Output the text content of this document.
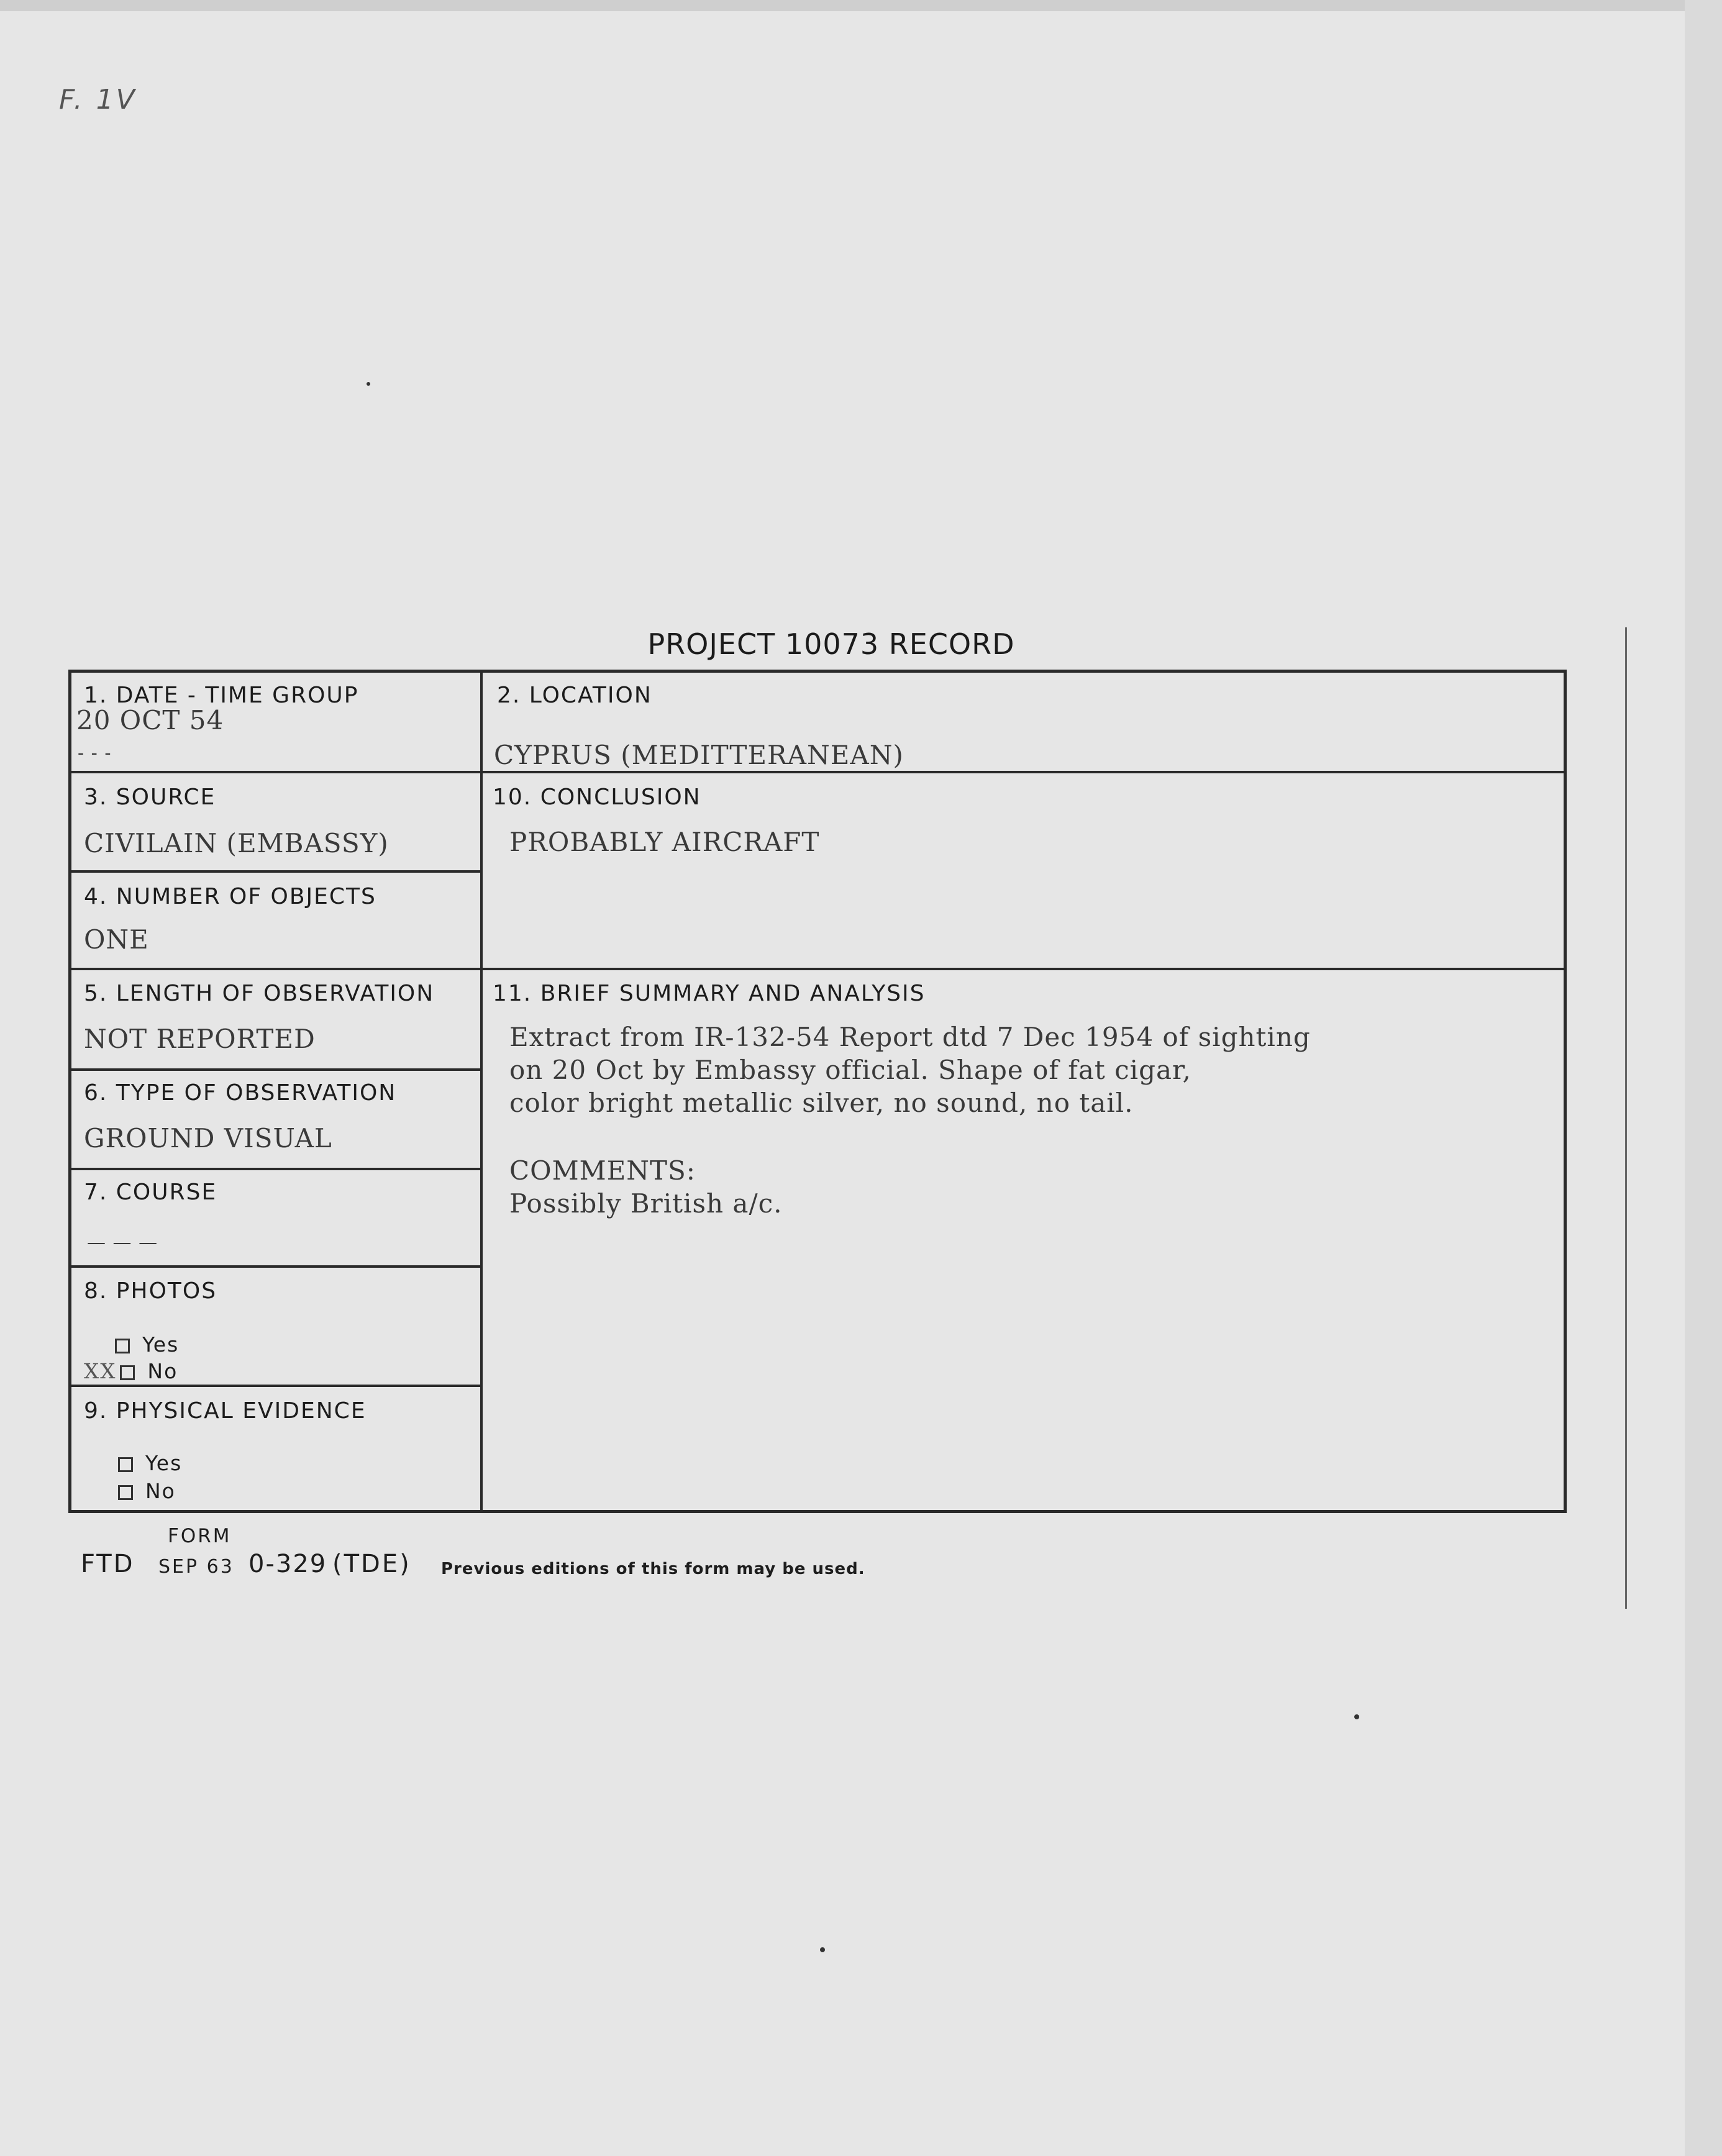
F. 1V
PROJECT 10073 RECORD
1. DATE - TIME GROUP
20 OCT 54
- - -
2. LOCATION
CYPRUS (MEDITTERANEAN)
3. SOURCE
CIVILAIN (EMBASSY)
4. NUMBER OF OBJECTS
ONE
5. LENGTH OF OBSERVATION
NOT REPORTED
6. TYPE OF OBSERVATION
GROUND VISUAL
7. COURSE
— — —
8. PHOTOS
Yes
XX No
9. PHYSICAL EVIDENCE
Yes
No
10. CONCLUSION
PROBABLY AIRCRAFT
11. BRIEF SUMMARY AND ANALYSIS
Extract from IR-132-54 Report dtd 7 Dec 1954 of sighting
on 20 Oct by Embassy official. Shape of fat cigar,
color bright metallic silver, no sound, no tail.
COMMENTS:
Possibly British a/c.
FORM
FTD SEP 63 0-329 (TDE) Previous editions of this form may be used.
